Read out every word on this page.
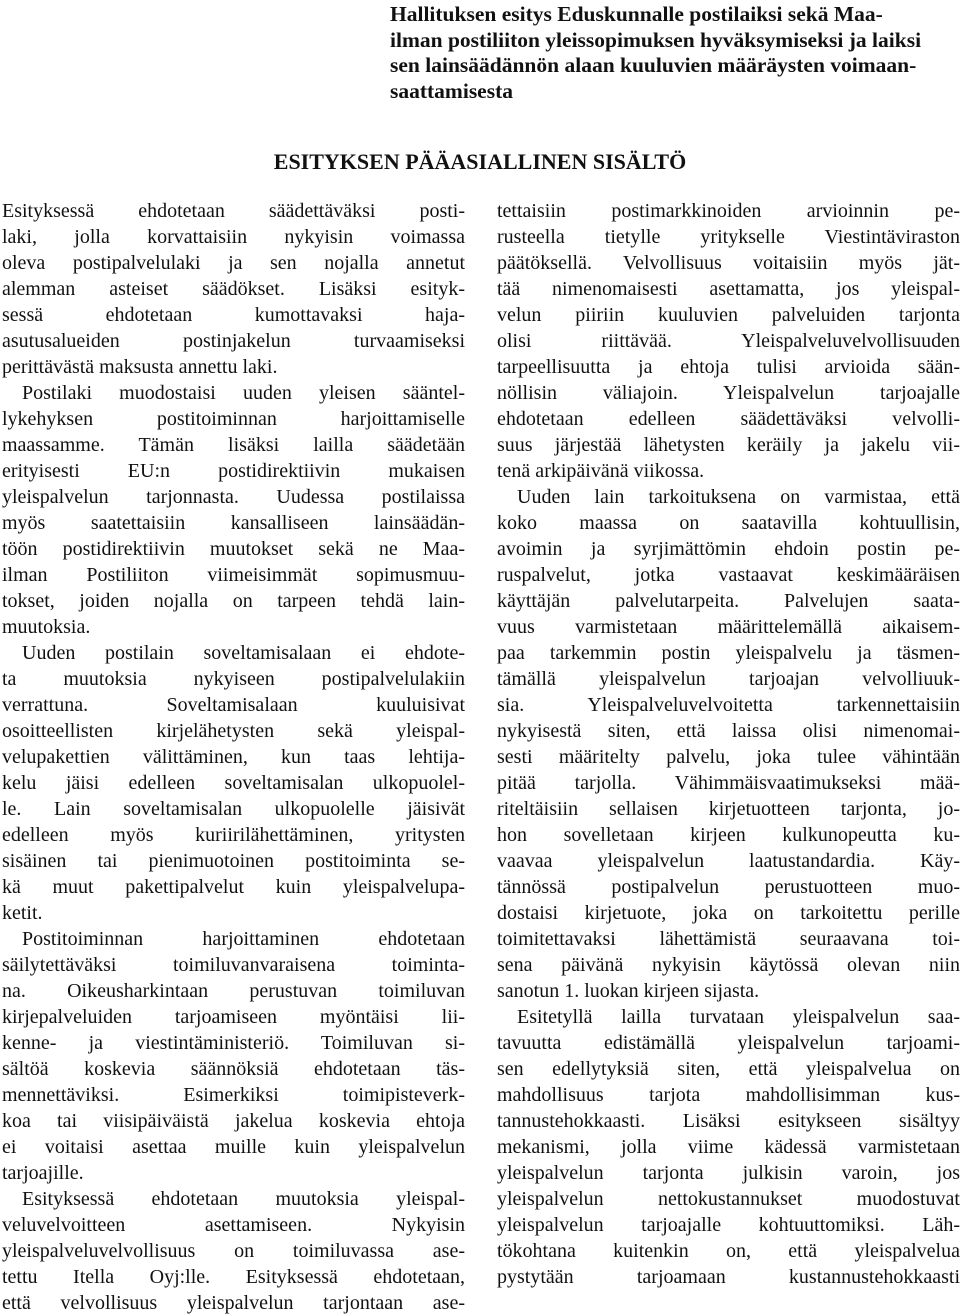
Hallituksen esitys Eduskunnalle postilaiksi sekä Maa-
ilman postiliiton yleissopimuksen hyväksymiseksi ja laiksi
sen lainsäädännön alaan kuuluvien määräysten voimaan-
saattamisesta
ESITYKSEN PÄÄASIALLINEN SISÄLTÖ
Esityksessä ehdotetaan säädettäväksi posti-
laki, jolla korvattaisiin nykyisin voimassa
oleva postipalvelulaki ja sen nojalla annetut
alemman asteiset säädökset. Lisäksi esityk-
sessä ehdotetaan kumottavaksi haja-
asutusalueiden postinjakelun turvaamiseksi
perittävästä maksusta annettu laki.
Postilaki muodostaisi uuden yleisen sääntel-
lykehyksen postitoiminnan harjoittamiselle
maassamme. Tämän lisäksi lailla säädetään
erityisesti EU:n postidirektiivin mukaisen
yleispalvelun tarjonnasta. Uudessa postilaissa
myös saatettaisiin kansalliseen lainsäädän-
töön postidirektiivin muutokset sekä ne Maa-
ilman Postiliiton viimeisimmät sopimusmuu-
tokset, joiden nojalla on tarpeen tehdä lain-
muutoksia.
Uuden postilain soveltamisalaan ei ehdote-
ta muutoksia nykyiseen postipalvelulakiin
verrattuna. Soveltamisalaan kuuluisivat
osoitteellisten kirjelähetysten sekä yleispal-
velupakettien välittäminen, kun taas lehtija-
kelu jäisi edelleen soveltamisalan ulkopuolel-
le. Lain soveltamisalan ulkopuolelle jäisivät
edelleen myös kuriirilähettäminen, yritysten
sisäinen tai pienimuotoinen postitoiminta se-
kä muut pakettipalvelut kuin yleispalvelupa-
ketit.
Postitoiminnan harjoittaminen ehdotetaan
säilytettäväksi toimiluvanvaraisena toiminta-
na. Oikeusharkintaan perustuvan toimiluvan
kirjepalveluiden tarjoamiseen myöntäisi lii-
kenne- ja viestintäministeriö. Toimiluvan si-
sältöä koskevia säännöksiä ehdotetaan täs-
mennettäviksi. Esimerkiksi toimipisteverk-
koa tai viisipäiväistä jakelua koskevia ehtoja
ei voitaisi asettaa muille kuin yleispalvelun
tarjoajille.
Esityksessä ehdotetaan muutoksia yleispal-
veluvelvoitteen asettamiseen. Nykyisin
yleispalveluvelvollisuus on toimiluvassa ase-
tettu Itella Oyj:lle. Esityksessä ehdotetaan,
että velvollisuus yleispalvelun tarjontaan ase-
tettaisiin postimarkkinoiden arvioinnin pe-
rusteella tietylle yritykselle Viestintäviraston
päätöksellä. Velvollisuus voitaisiin myös jät-
tää nimenomaisesti asettamatta, jos yleispal-
velun piiriin kuuluvien palveluiden tarjonta
olisi riittävää. Yleispalveluvelvollisuuden
tarpeellisuutta ja ehtoja tulisi arvioida sään-
nöllisin väliajoin. Yleispalvelun tarjoajalle
ehdotetaan edelleen säädettäväksi velvolli-
suus järjestää lähetysten keräily ja jakelu vii-
tenä arkipäivänä viikossa.
Uuden lain tarkoituksena on varmistaa, että
koko maassa on saatavilla kohtuullisin,
avoimin ja syrjimättömin ehdoin postin pe-
ruspalvelut, jotka vastaavat keskimääräisen
käyttäjän palvelutarpeita. Palvelujen saata-
vuus varmistetaan määrittelemällä aikaisem-
paa tarkemmin postin yleispalvelu ja täsmen-
tämällä yleispalvelun tarjoajan velvolliuuk-
sia. Yleispalveluvelvoitetta tarkennettaisiin
nykyisestä siten, että laissa olisi nimenomai-
sesti määritelty palvelu, joka tulee vähintään
pitää tarjolla. Vähimmäisvaatimukseksi mää-
riteltäisiin sellaisen kirjetuotteen tarjonta, jo-
hon sovelletaan kirjeen kulkunopeutta ku-
vaavaa yleispalvelun laatustandardia. Käy-
tännössä postipalvelun perustuotteen muo-
dostaisi kirjetuote, joka on tarkoitettu perille
toimitettavaksi lähettämistä seuraavana toi-
sena päivänä nykyisin käytössä olevan niin
sanotun 1. luokan kirjeen sijasta.
Esitetyllä lailla turvataan yleispalvelun saa-
tavuutta edistämällä yleispalvelun tarjoami-
sen edellytyksiä siten, että yleispalvelua on
mahdollisuus tarjota mahdollisimman kus-
tannustehokkaasti. Lisäksi esitykseen sisältyy
mekanismi, jolla viime kädessä varmistetaan
yleispalvelun tarjonta julkisin varoin, jos
yleispalvelun nettokustannukset muodostuvat
yleispalvelun tarjoajalle kohtuuttomiksi. Läh-
tökohtana kuitenkin on, että yleispalvelua
pystytään tarjoamaan kustannustehokkaasti
